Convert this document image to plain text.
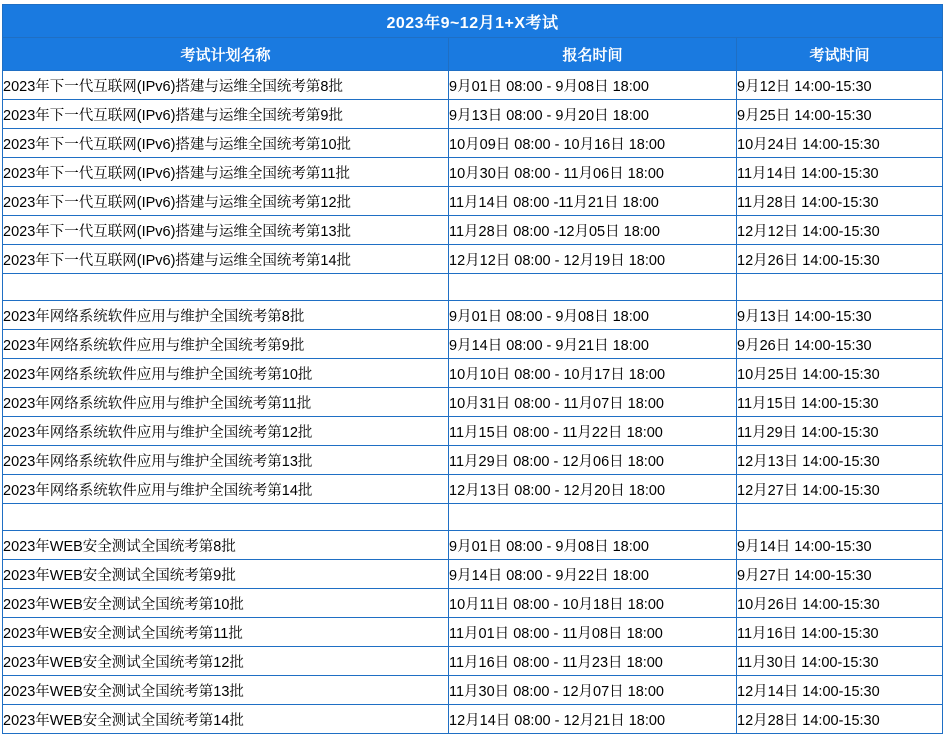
2023年9~12月1+X考试		
考试计划名称	报名时间	考试时间
2023年下一代互联网(IPv6)搭建与运维全国统考第8批	9月01日 08:00 - 9月08日 18:00	9月12日 14:00-15:30
2023年下一代互联网(IPv6)搭建与运维全国统考第9批	9月13日 08:00 - 9月20日 18:00	9月25日 14:00-15:30
2023年下一代互联网(IPv6)搭建与运维全国统考第10批	10月09日 08:00 - 10月16日 18:00	10月24日 14:00-15:30
2023年下一代互联网(IPv6)搭建与运维全国统考第11批	10月30日 08:00 - 11月06日 18:00	11月14日 14:00-15:30
2023年下一代互联网(IPv6)搭建与运维全国统考第12批	11月14日 08:00 -11月21日 18:00	11月28日 14:00-15:30
2023年下一代互联网(IPv6)搭建与运维全国统考第13批	11月28日 08:00 -12月05日 18:00	12月12日 14:00-15:30
2023年下一代互联网(IPv6)搭建与运维全国统考第14批	12月12日 08:00 - 12月19日 18:00	12月26日 14:00-15:30

2023年网络系统软件应用与维护全国统考第8批	9月01日 08:00 - 9月08日 18:00	9月13日 14:00-15:30
2023年网络系统软件应用与维护全国统考第9批	9月14日 08:00 - 9月21日 18:00	9月26日 14:00-15:30
2023年网络系统软件应用与维护全国统考第10批	10月10日 08:00 - 10月17日 18:00	10月25日 14:00-15:30
2023年网络系统软件应用与维护全国统考第11批	10月31日 08:00 - 11月07日 18:00	11月15日 14:00-15:30
2023年网络系统软件应用与维护全国统考第12批	11月15日 08:00 - 11月22日 18:00	11月29日 14:00-15:30
2023年网络系统软件应用与维护全国统考第13批	11月29日 08:00 - 12月06日 18:00	12月13日 14:00-15:30
2023年网络系统软件应用与维护全国统考第14批	12月13日 08:00 - 12月20日 18:00	12月27日 14:00-15:30

2023年WEB安全测试全国统考第8批	9月01日 08:00 - 9月08日 18:00	9月14日 14:00-15:30
2023年WEB安全测试全国统考第9批	9月14日 08:00 - 9月22日 18:00	9月27日 14:00-15:30
2023年WEB安全测试全国统考第10批	10月11日 08:00 - 10月18日 18:00	10月26日 14:00-15:30
2023年WEB安全测试全国统考第11批	11月01日 08:00 - 11月08日 18:00	11月16日 14:00-15:30
2023年WEB安全测试全国统考第12批	11月16日 08:00 - 11月23日 18:00	11月30日 14:00-15:30
2023年WEB安全测试全国统考第13批	11月30日 08:00 - 12月07日 18:00	12月14日 14:00-15:30
2023年WEB安全测试全国统考第14批	12月14日 08:00 - 12月21日 18:00	12月28日 14:00-15:30
